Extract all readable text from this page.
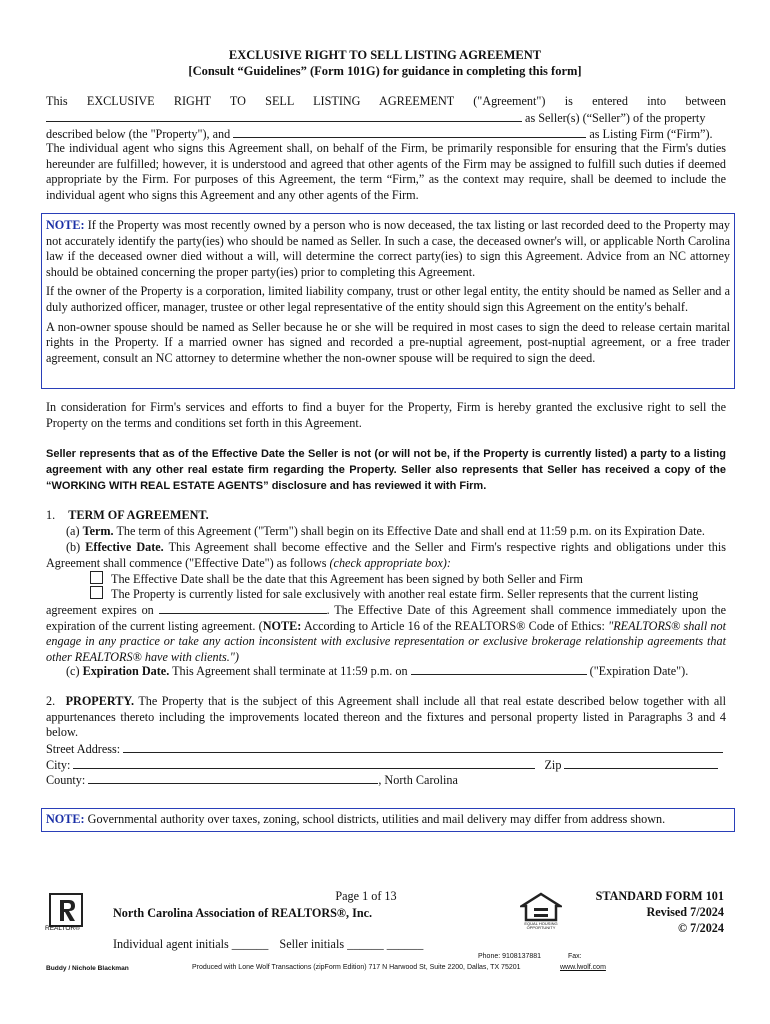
EXCLUSIVE RIGHT TO SELL LISTING AGREEMENT
[Consult “Guidelines” (Form 101G) for guidance in completing this form]
This EXCLUSIVE RIGHT TO SELL LISTING AGREEMENT ("Agreement") is entered into between
as Seller(s) (“Seller”) of the property
described below (the "Property"), and	as Listing Firm (“Firm”).
The individual agent who signs this Agreement shall, on behalf of the Firm, be primarily responsible for ensuring that the Firm's duties hereunder are fulfilled; however, it is understood and agreed that other agents of the Firm may be assigned to fulfill such duties if deemed appropriate by the Firm. For purposes of this Agreement, the term “Firm,” as the context may require, shall be deemed to include the individual agent who signs this Agreement and any other agents of the Firm.
NOTE: If the Property was most recently owned by a person who is now deceased, the tax listing or last recorded deed to the Property may not accurately identify the party(ies) who should be named as Seller. In such a case, the deceased owner's will, or applicable North Carolina law if the deceased owner died without a will, will determine the correct party(ies) to sign this Agreement. Advice from an NC attorney should be obtained concerning the proper party(ies) prior to completing this Agreement.
If the owner of the Property is a corporation, limited liability company, trust or other legal entity, the entity should be named as Seller and a duly authorized officer, manager, trustee or other legal representative of the entity should sign this Agreement on the entity's behalf.
A non-owner spouse should be named as Seller because he or she will be required in most cases to sign the deed to release certain marital rights in the Property. If a married owner has signed and recorded a pre-nuptial agreement, post-nuptial agreement, or a free trader agreement, consult an NC attorney to determine whether the non-owner spouse will be required to sign the deed.
In consideration for Firm's services and efforts to find a buyer for the Property, Firm is hereby granted the exclusive right to sell the Property on the terms and conditions set forth in this Agreement.
Seller represents that as of the Effective Date the Seller is not (or will not be, if the Property is currently listed) a party to a listing agreement with any other real estate firm regarding the Property. Seller also represents that Seller has received a copy of the “WORKING WITH REAL ESTATE AGENTS” disclosure and has reviewed it with Firm.
1. TERM OF AGREEMENT.
(a) Term. The term of this Agreement ("Term") shall begin on its Effective Date and shall end at 11:59 p.m. on its Expiration Date.
(b) Effective Date. This Agreement shall become effective and the Seller and Firm's respective rights and obligations under this Agreement shall commence ("Effective Date") as follows (check appropriate box):
The Effective Date shall be the date that this Agreement has been signed by both Seller and Firm
The Property is currently listed for sale exclusively with another real estate firm. Seller represents that the current listing
agreement expires on	. The Effective Date of this Agreement shall commence immediately upon the expiration of the current listing agreement. (NOTE: According to Article 16 of the REALTORS® Code of Ethics: "REALTORS® shall not engage in any practice or take any action inconsistent with exclusive representation or exclusive brokerage relationship agreements that other REALTORS® have with clients.")
(c) Expiration Date. This Agreement shall terminate at 11:59 p.m. on	("Expiration Date").
2. PROPERTY. The Property that is the subject of this Agreement shall include all that real estate described below together with all appurtenances thereto including the improvements located thereon and the fixtures and personal property listed in Paragraphs 3 and 4 below.
Street Address:
City:	Zip
County:	, North Carolina
NOTE: Governmental authority over taxes, zoning, school districts, utilities and mail delivery may differ from address shown.
REALTOR®
Page 1 of 13
North Carolina Association of REALTORS®, Inc.
EQUAL HOUSING OPPORTUNITY
STANDARD FORM 101
Revised 7/2024
© 7/2024
Individual agent initials ______ Seller initials ______ ______
Phone: 9108137881	Fax:
Buddy / Nichole Blackman	Produced with Lone Wolf Transactions (zipForm Edition) 717 N Harwood St, Suite 2200, Dallas, TX 75201	www.lwolf.com
